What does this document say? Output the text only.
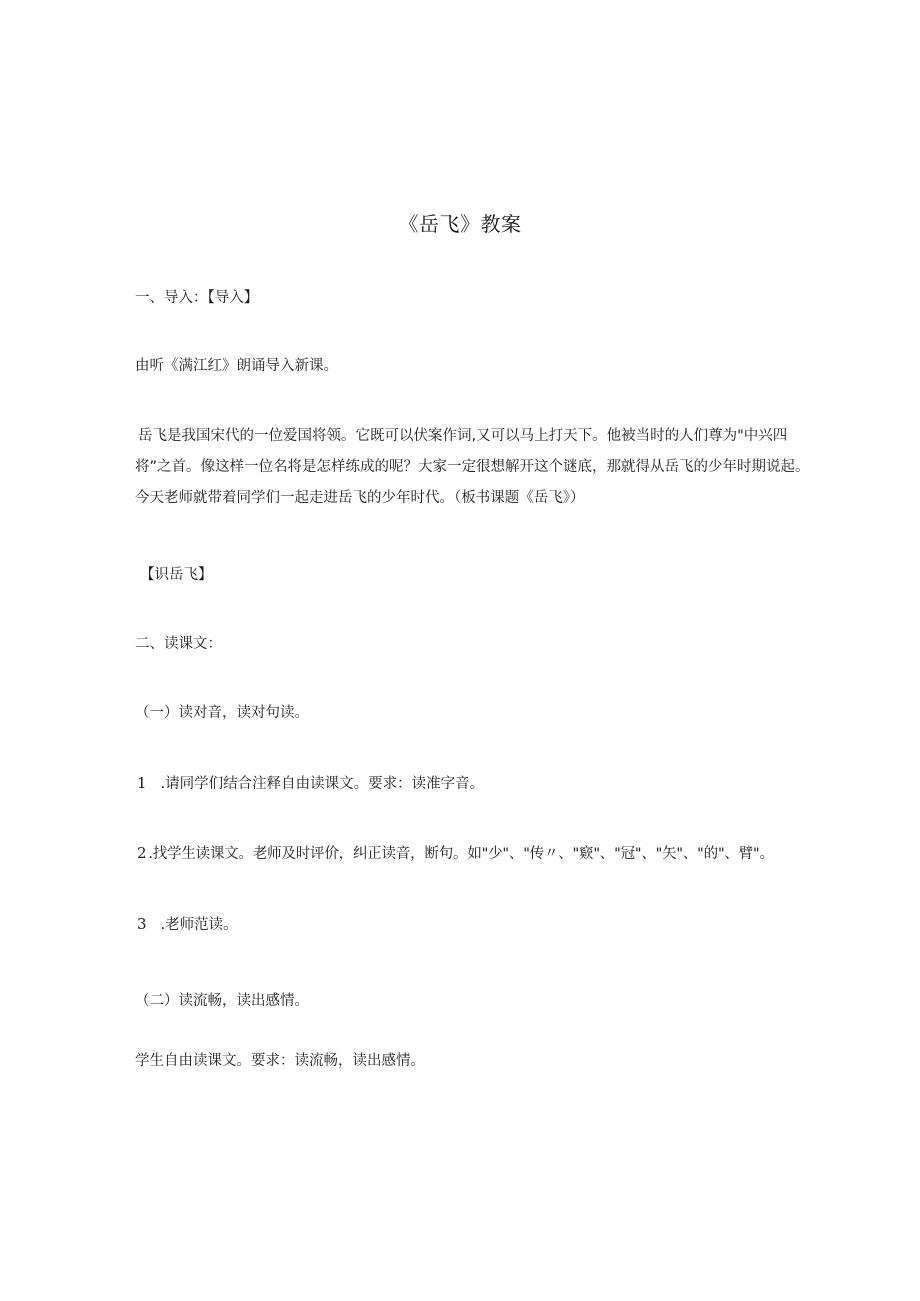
《岳飞》教案
一、导入：【导入】
由听《满江红》朗诵导入新课。
岳飞是我国宋代的一位爱国将领。它既可以伏案作词,又可以马上打天下。他被当时的人们尊为"中兴四
将”之首。像这样一位名将是怎样练成的呢？大家一定很想解开这个谜底，那就得从岳飞的少年时期说起。
今天老师就带着同学们一起走进岳飞的少年时代。（板书课题《岳飞》）
【识岳飞】
二、读课文：
（一）读对音，读对句读。
1 .请同学们结合注释自由读课文。要求：读准字音。
2 .找学生读课文。老师及时评价，纠正读音，断句。如"少"、"传〃、"窽"、"冠"、"矢"、"的"、臂"。
3 .老师范读。
（二）读流畅，读出感情。
学生自由读课文。要求：读流畅，读出感情。
